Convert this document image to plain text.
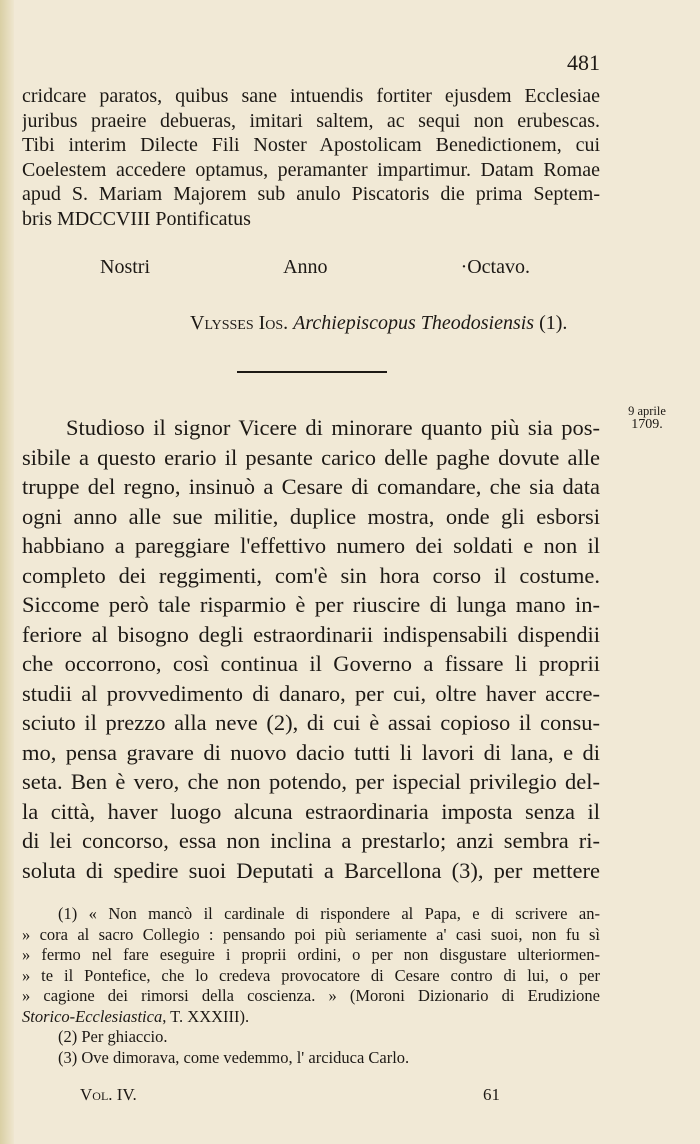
481
cridcare paratos, quibus sane intuendis fortiter ejusdem Ecclesiae
juribus praeire debueras, imitari saltem, ac sequi non erubescas.
Tibi interim Dilecte Fili Noster Apostolicam Benedictionem, cui
Coelestem accedere optamus, peramanter impartimur. Datam Romae
apud S. Mariam Majorem sub anulo Piscatoris die prima Septem-
bris MDCCVIII Pontificatus
Nostri	Anno	·Octavo.
Vlysses Ios. Archiepiscopus Theodosiensis (1).
9 aprile
1709.
Studioso il signor Vicere di minorare quanto più sia pos-
sibile a questo erario il pesante carico delle paghe dovute alle
truppe del regno, insinuò a Cesare di comandare, che sia data
ogni anno alle sue militie, duplice mostra, onde gli esborsi
habbiano a pareggiare l'effettivo numero dei soldati e non il
completo dei reggimenti, com'è sin hora corso il costume.
Siccome però tale risparmio è per riuscire di lunga mano in-
feriore al bisogno degli estraordinarii indispensabili dispendii
che occorrono, così continua il Governo a fissare li proprii
studii al provvedimento di danaro, per cui, oltre haver accre-
sciuto il prezzo alla neve (2), di cui è assai copioso il consu-
mo, pensa gravare di nuovo dacio tutti li lavori di lana, e di
seta. Ben è vero, che non potendo, per ispecial privilegio del-
la città, haver luogo alcuna estraordinaria imposta senza il
di lei concorso, essa non inclina a prestarlo; anzi sembra ri-
soluta di spedire suoi Deputati a Barcellona (3), per mettere
(1) « Non mancò il cardinale di rispondere al Papa, e di scrivere an-
» cora al sacro Collegio : pensando poi più seriamente a' casi suoi, non fu sì
» fermo nel fare eseguire i proprii ordini, o per non disgustare ulteriormen-
» te il Pontefice, che lo credeva provocatore di Cesare contro di lui, o per
» cagione dei rimorsi della coscienza. » (Moroni Dizionario di Erudizione
Storico-Ecclesiastica, T. XXXIII).
(2) Per ghiaccio.
(3) Ove dimorava, come vedemmo, l' arciduca Carlo.
Vol. IV.	61
